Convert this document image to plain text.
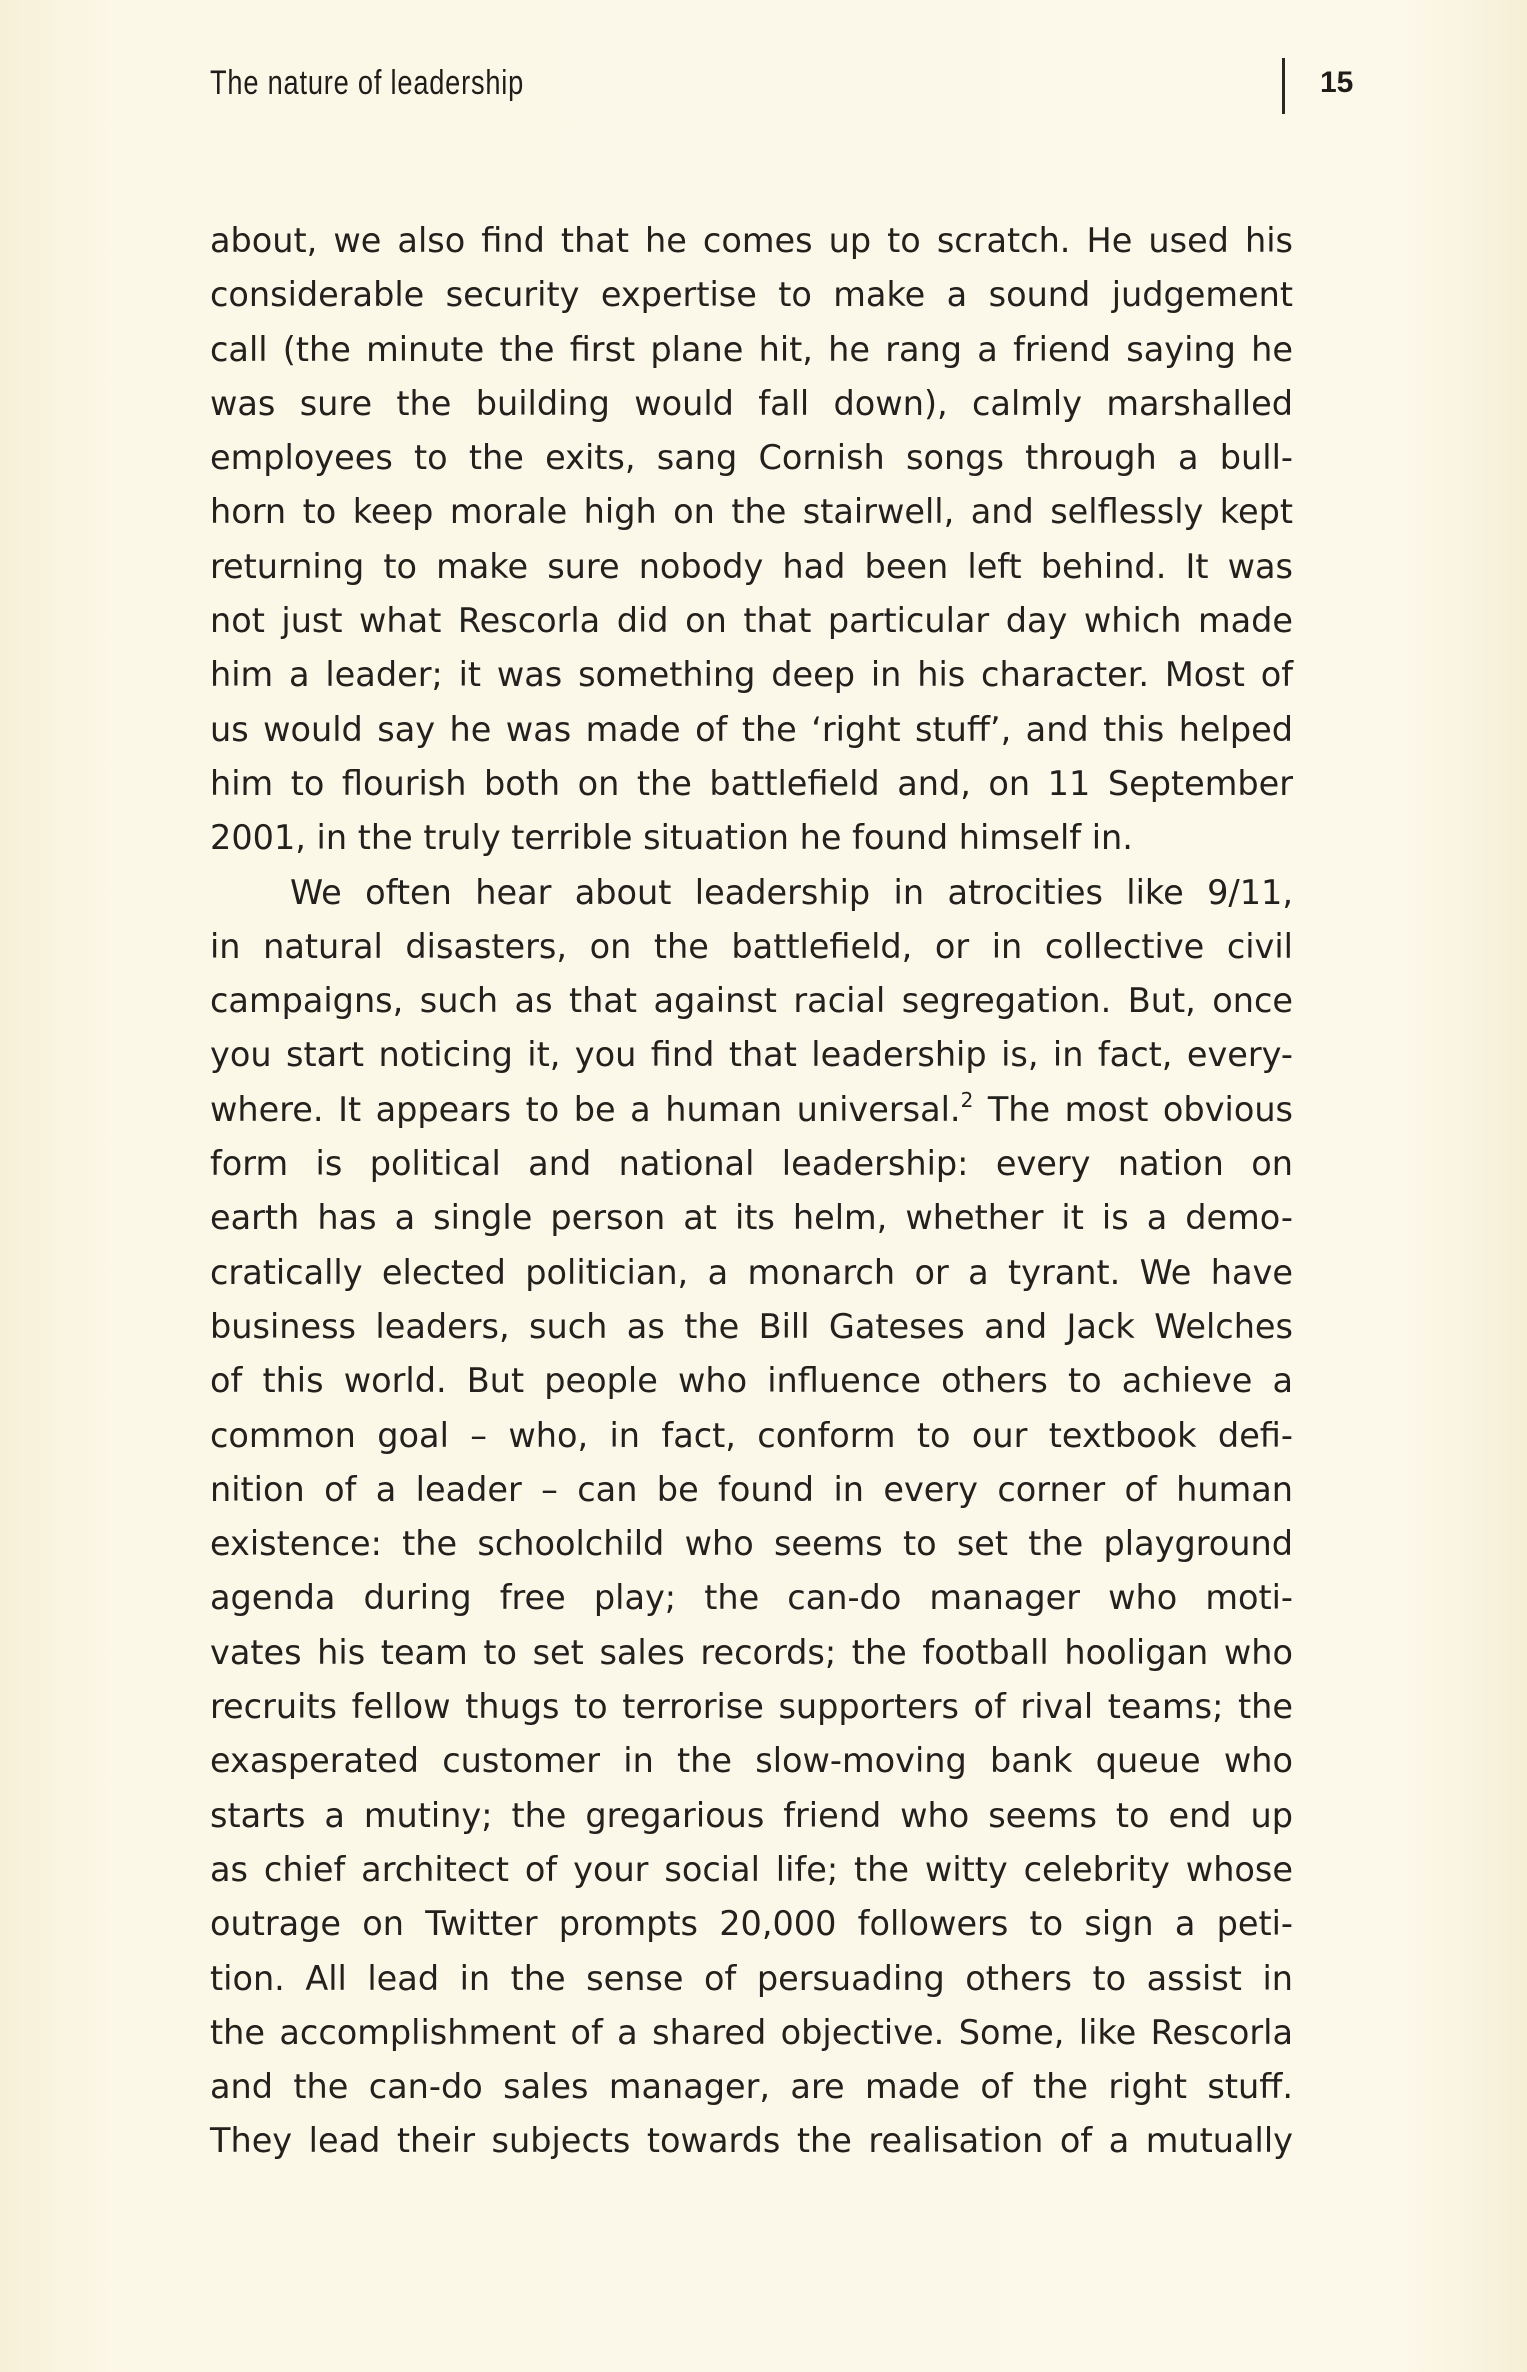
The nature of leadership	15
about, we also find that he comes up to scratch. He used his
considerable security expertise to make a sound judgement
call (the minute the first plane hit, he rang a friend saying he
was sure the building would fall down), calmly marshalled
employees to the exits, sang Cornish songs through a bull-
horn to keep morale high on the stairwell, and selflessly kept
returning to make sure nobody had been left behind. It was
not just what Rescorla did on that particular day which made
him a leader; it was something deep in his character. Most of
us would say he was made of the ‘right stuff’, and this helped
him to flourish both on the battlefield and, on 11 September
2001, in the truly terrible situation he found himself in.
We often hear about leadership in atrocities like 9/11,
in natural disasters, on the battlefield, or in collective civil
campaigns, such as that against racial segregation. But, once
you start noticing it, you find that leadership is, in fact, every-
where. It appears to be a human universal.$^2$ The most obvious
form is political and national leadership: every nation on
earth has a single person at its helm, whether it is a demo-
cratically elected politician, a monarch or a tyrant. We have
business leaders, such as the Bill Gateses and Jack Welches
of this world. But people who influence others to achieve a
common goal – who, in fact, conform to our textbook defi-
nition of a leader – can be found in every corner of human
existence: the schoolchild who seems to set the playground
agenda during free play; the can-do manager who moti-
vates his team to set sales records; the football hooligan who
recruits fellow thugs to terrorise supporters of rival teams; the
exasperated customer in the slow-moving bank queue who
starts a mutiny; the gregarious friend who seems to end up
as chief architect of your social life; the witty celebrity whose
outrage on Twitter prompts 20,000 followers to sign a peti-
tion. All lead in the sense of persuading others to assist in
the accomplishment of a shared objective. Some, like Rescorla
and the can-do sales manager, are made of the right stuff.
They lead their subjects towards the realisation of a mutually
